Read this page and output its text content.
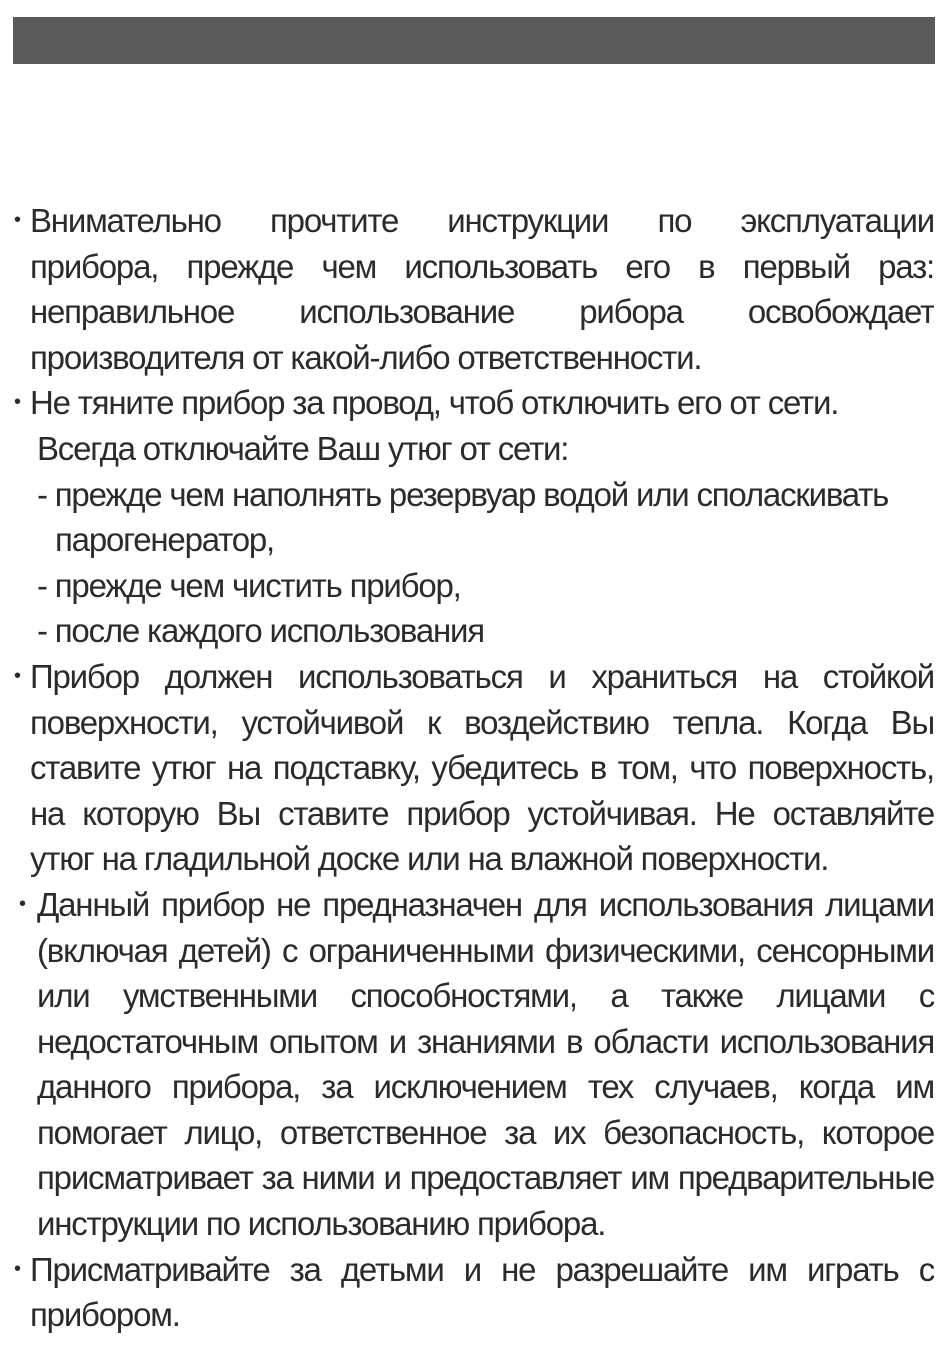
• Внимательно прочтите инструкции по эксплуатации
прибора, прежде чем использовать его в первый раз:
неправильное использование рибора освобождает
производителя от какой-либо ответственности.
• Не тяните прибор за провод, чтоб отключить его от сети.
Всегда отключайте Ваш утюг от сети:
- прежде чем наполнять резервуар водой или споласкивать
парогенератор,
- прежде чем чистить прибор,
- после каждого использования
• Прибор должен использоваться и храниться на стойкой
поверхности, устойчивой к воздействию тепла. Когда Вы
ставите утюг на подставку, убедитесь в том, что поверхность,
на которую Вы ставите прибор устойчивая. Не оставляйте
утюг на гладильной доске или на влажной поверхности.
• Данный прибор не предназначен для использования лицами
(включая детей) с ограниченными физическими, сенсорными
или умственными способностями, а также лицами с
недостаточным опытом и знаниями в области использования
данного прибора, за исключением тех случаев, когда им
помогает лицо, ответственное за их безопасность, которое
присматривает за ними и предоставляет им предварительные
инструкции по использованию прибора.
• Присматривайте за детьми и не разрешайте им играть с
прибором.
